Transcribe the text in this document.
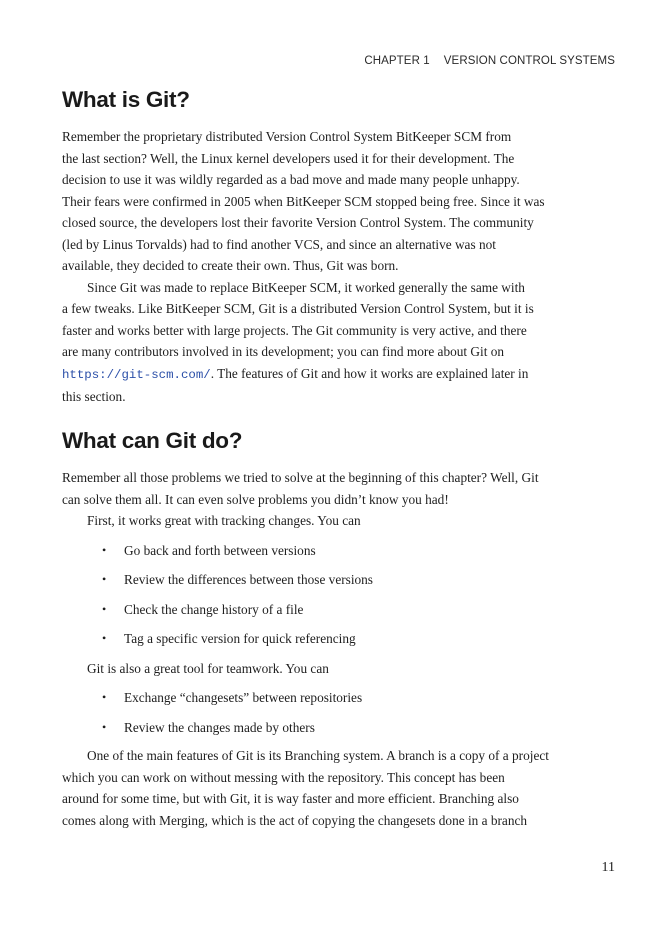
CHAPTER 1 VERSION CONTROL SYSTEMS
What is Git?

Remember the proprietary distributed Version Control System BitKeeper SCM from
the last section? Well, the Linux kernel developers used it for their development. The
decision to use it was wildly regarded as a bad move and made many people unhappy.
Their fears were confirmed in 2005 when BitKeeper SCM stopped being free. Since it was
closed source, the developers lost their favorite Version Control System. The community
(led by Linus Torvalds) had to find another VCS, and since an alternative was not
available, they decided to create their own. Thus, Git was born.

Since Git was made to replace BitKeeper SCM, it worked generally the same with
a few tweaks. Like BitKeeper SCM, Git is a distributed Version Control System, but it is
faster and works better with large projects. The Git community is very active, and there
are many contributors involved in its development; you can find more about Git on
https://git-scm.com/. The features of Git and how it works are explained later in
this section.

What can Git do?

Remember all those problems we tried to solve at the beginning of this chapter? Well, Git
can solve them all. It can even solve problems you didn’t know you had!

First, it works great with tracking changes. You can

• Go back and forth between versions
• Review the differences between those versions
• Check the change history of a file
• Tag a specific version for quick referencing

Git is also a great tool for teamwork. You can

• Exchange “changesets” between repositories
• Review the changes made by others

One of the main features of Git is its Branching system. A branch is a copy of a project
which you can work on without messing with the repository. This concept has been
around for some time, but with Git, it is way faster and more efficient. Branching also
comes along with Merging, which is the act of copying the changesets done in a branch

11
